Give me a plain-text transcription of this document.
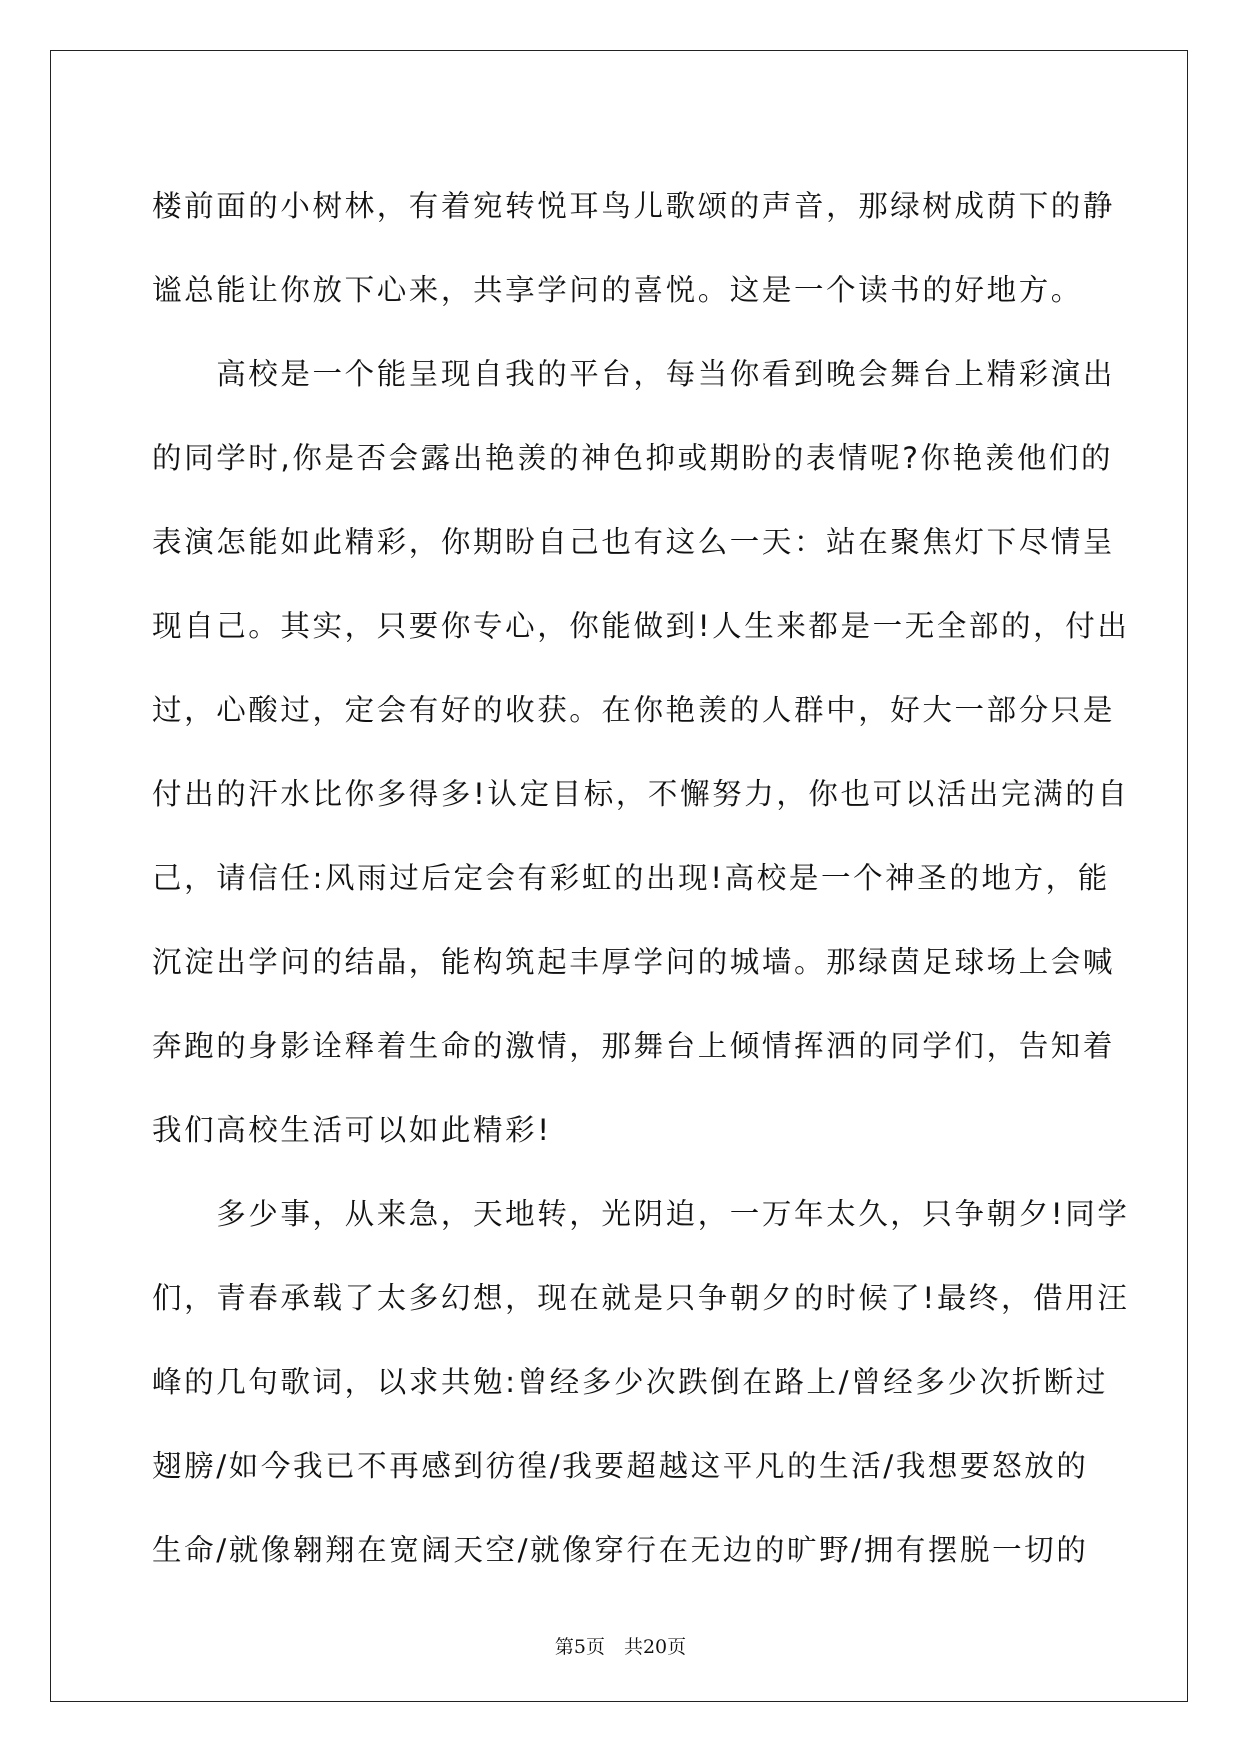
楼前面的小树林，有着宛转悦耳鸟儿歌颂的声音，那绿树成荫下的静
谧总能让你放下心来，共享学问的喜悦。这是一个读书的好地方。
　　高校是一个能呈现自我的平台，每当你看到晚会舞台上精彩演出
的同学时,你是否会露出艳羡的神色抑或期盼的表情呢?你艳羡他们的
表演怎能如此精彩，你期盼自己也有这么一天：站在聚焦灯下尽情呈
现自己。其实，只要你专心，你能做到!人生来都是一无全部的，付出
过，心酸过，定会有好的收获。在你艳羡的人群中，好大一部分只是
付出的汗水比你多得多!认定目标，不懈努力，你也可以活出完满的自
己，请信任:风雨过后定会有彩虹的出现!高校是一个神圣的地方，能
沉淀出学问的结晶，能构筑起丰厚学问的城墙。那绿茵足球场上会喊
奔跑的身影诠释着生命的激情，那舞台上倾情挥洒的同学们，告知着
我们高校生活可以如此精彩!
　　多少事，从来急，天地转，光阴迫，一万年太久，只争朝夕!同学
们，青春承载了太多幻想，现在就是只争朝夕的时候了!最终，借用汪
峰的几句歌词，以求共勉:曾经多少次跌倒在路上/曾经多少次折断过
翅膀/如今我已不再感到彷徨/我要超越这平凡的生活/我想要怒放的
生命/就像翱翔在宽阔天空/就像穿行在无边的旷野/拥有摆脱一切的
第5页　共20页
